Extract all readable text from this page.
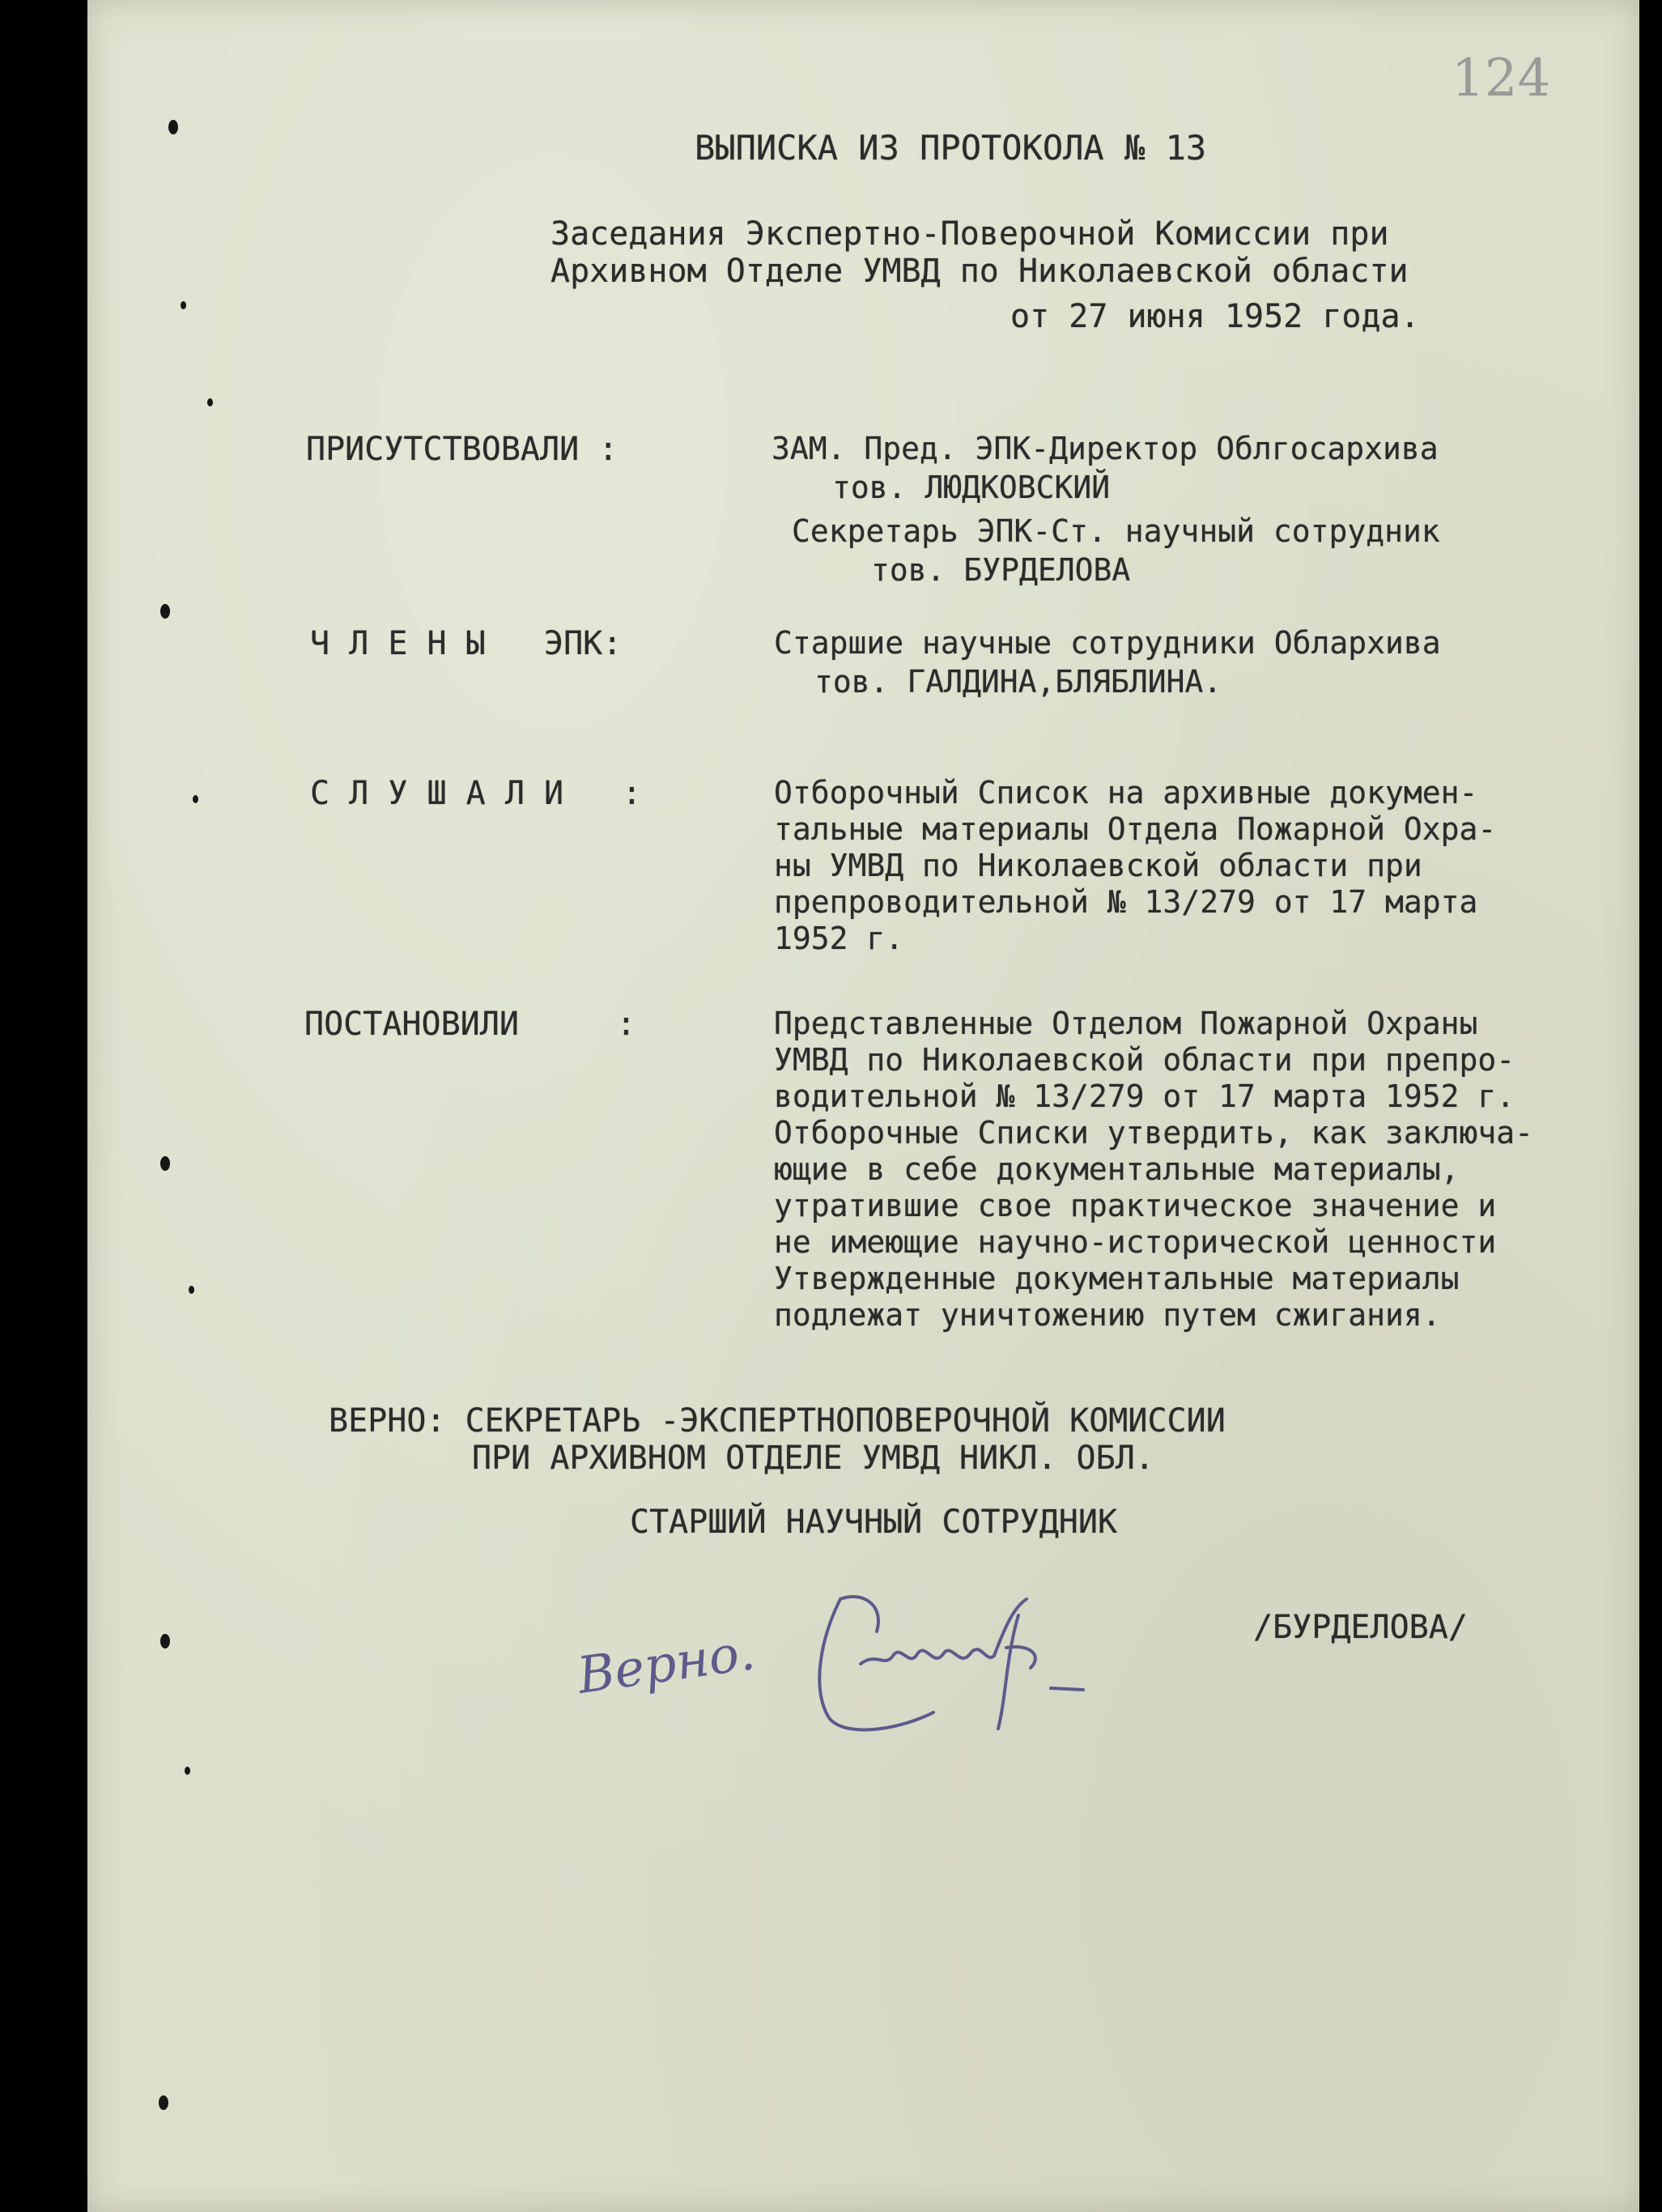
124
ВЫПИСКА ИЗ ПРОТОКОЛА № 13
Заседания Экспертно-Поверочной Комиссии при
Архивном Отделе УМВД по Николаевской области
от 27 июня 1952 года.
ПРИСУТСТВОВАЛИ :	ЗАМ. Пред. ЭПК-Директор Облгосархива
тов. ЛЮДКОВСКИЙ
Секретарь ЭПК-Ст. научный сотрудник
тов. БУРДЕЛОВА
Ч Л Е Н Ы   ЭПК:	Старшие научные сотрудники Облархива
тов. ГАЛДИНА,БЛЯБЛИНА.
С Л У Ш А Л И   :	Отборочный Список на архивные докумен-
тальные материалы Отдела Пожарной Охра-
ны УМВД по Николаевской области при
препроводительной № 13/279 от 17 марта
1952 г.
ПОСТАНОВИЛИ     :	Представленные Отделом Пожарной Охраны
УМВД по Николаевской области при препро-
водительной № 13/279 от 17 марта 1952 г.
Отборочные Списки утвердить, как заключа-
ющие в себе документальные материалы,
утратившие свое практическое значение и
не имеющие научно-исторической ценности
Утвержденные документальные материалы
подлежат уничтожению путем сжигания.
ВЕРНО: СЕКРЕТАРЬ -ЭКСПЕРТНОПОВЕРОЧНОЙ КОМИССИИ
ПРИ АРХИВНОМ ОТДЕЛЕ УМВД НИКЛ. ОБЛ.
СТАРШИЙ НАУЧНЫЙ СОТРУДНИК
/БУРДЕЛОВА/
Верно.
